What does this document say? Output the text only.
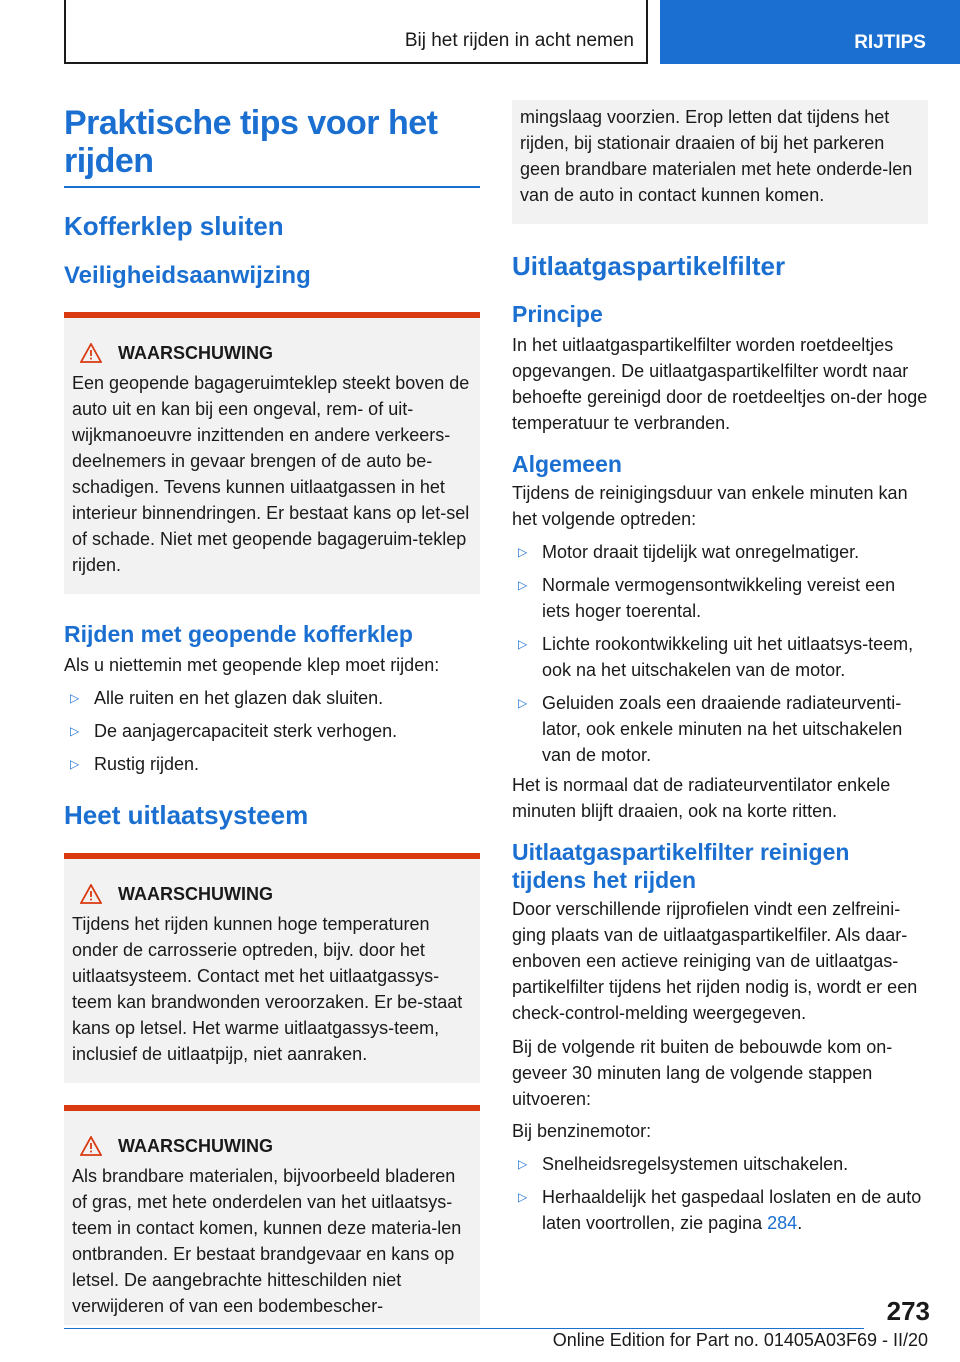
Bij het rijden in acht nemen	RIJTIPS
Praktische tips voor het rijden
Kofferklep sluiten
Veiligheidsaanwijzing
WAARSCHUWING

Een geopende bagageruimteklep steekt boven de auto uit en kan bij een ongeval, rem- of uit-wijkmanoeuvre inzittenden en andere verkeers-deelnemers in gevaar brengen of de auto be-schadigen. Tevens kunnen uitlaatgassen in het interieur binnendringen. Er bestaat kans op let-sel of schade. Niet met geopende bagageruim-teklep rijden.

Rijden met geopende kofferklep

Als u niettemin met geopende klep moet rijden:

▷ Alle ruiten en het glazen dak sluiten.
▷ De aanjagercapaciteit sterk verhogen.
▷ Rustig rijden.
Heet uitlaatsysteem
WAARSCHUWING

Tijdens het rijden kunnen hoge temperaturen onder de carrosserie optreden, bijv. door het uitlaatsysteem. Contact met het uitlaatgassys-teem kan brandwonden veroorzaken. Er be-staat kans op letsel. Het warme uitlaatgassys-teem, inclusief de uitlaatpijp, niet aanraken.

WAARSCHUWING

Als brandbare materialen, bijvoorbeeld bladeren of gras, met hete onderdelen van het uitlaatsys-teem in contact komen, kunnen deze materia-len ontbranden. Er bestaat brandgevaar en kans op letsel. De aangebrachte hitteschilden niet verwijderen of van een bodembescher-

mingslaag voorzien. Erop letten dat tijdens het rijden, bij stationair draaien of bij het parkeren geen brandbare materialen met hete onderde-len van de auto in contact kunnen komen.

Uitlaatgaspartikelfilter
Principe

In het uitlaatgaspartikelfilter worden roetdeeltjes opgevangen. De uitlaatgaspartikelfilter wordt naar behoefte gereinigd door de roetdeeltjes on-der hoge temperatuur te verbranden.

Algemeen

Tijdens de reinigingsduur van enkele minuten kan het volgende optreden:

▷ Motor draait tijdelijk wat onregelmatiger.
▷ Normale vermogensontwikkeling vereist een iets hoger toerental.
▷ Lichte rookontwikkeling uit het uitlaatsys-teem, ook na het uitschakelen van de motor.
▷ Geluiden zoals een draaiende radiateurventi-lator, ook enkele minuten na het uitschakelen van de motor.

Het is normaal dat de radiateurventilator enkele minuten blijft draaien, ook na korte ritten.

Uitlaatgaspartikelfilter reinigen tijdens het rijden

Door verschillende rijprofielen vindt een zelfreini-ging plaats van de uitlaatgaspartikelfiler. Als daar-enboven een actieve reiniging van de uitlaatgas-partikelfilter tijdens het rijden nodig is, wordt er een check-control-melding weergegeven.

Bij de volgende rit buiten de bebouwde kom on-geveer 30 minuten lang de volgende stappen uitvoeren:

Bij benzinemotor:

▷ Snelheidsregelsystemen uitschakelen.
▷ Herhaaldelijk het gaspedaal loslaten en de auto laten voortrollen, zie pagina 284.
273
Online Edition for Part no. 01405A03F69 - II/20
